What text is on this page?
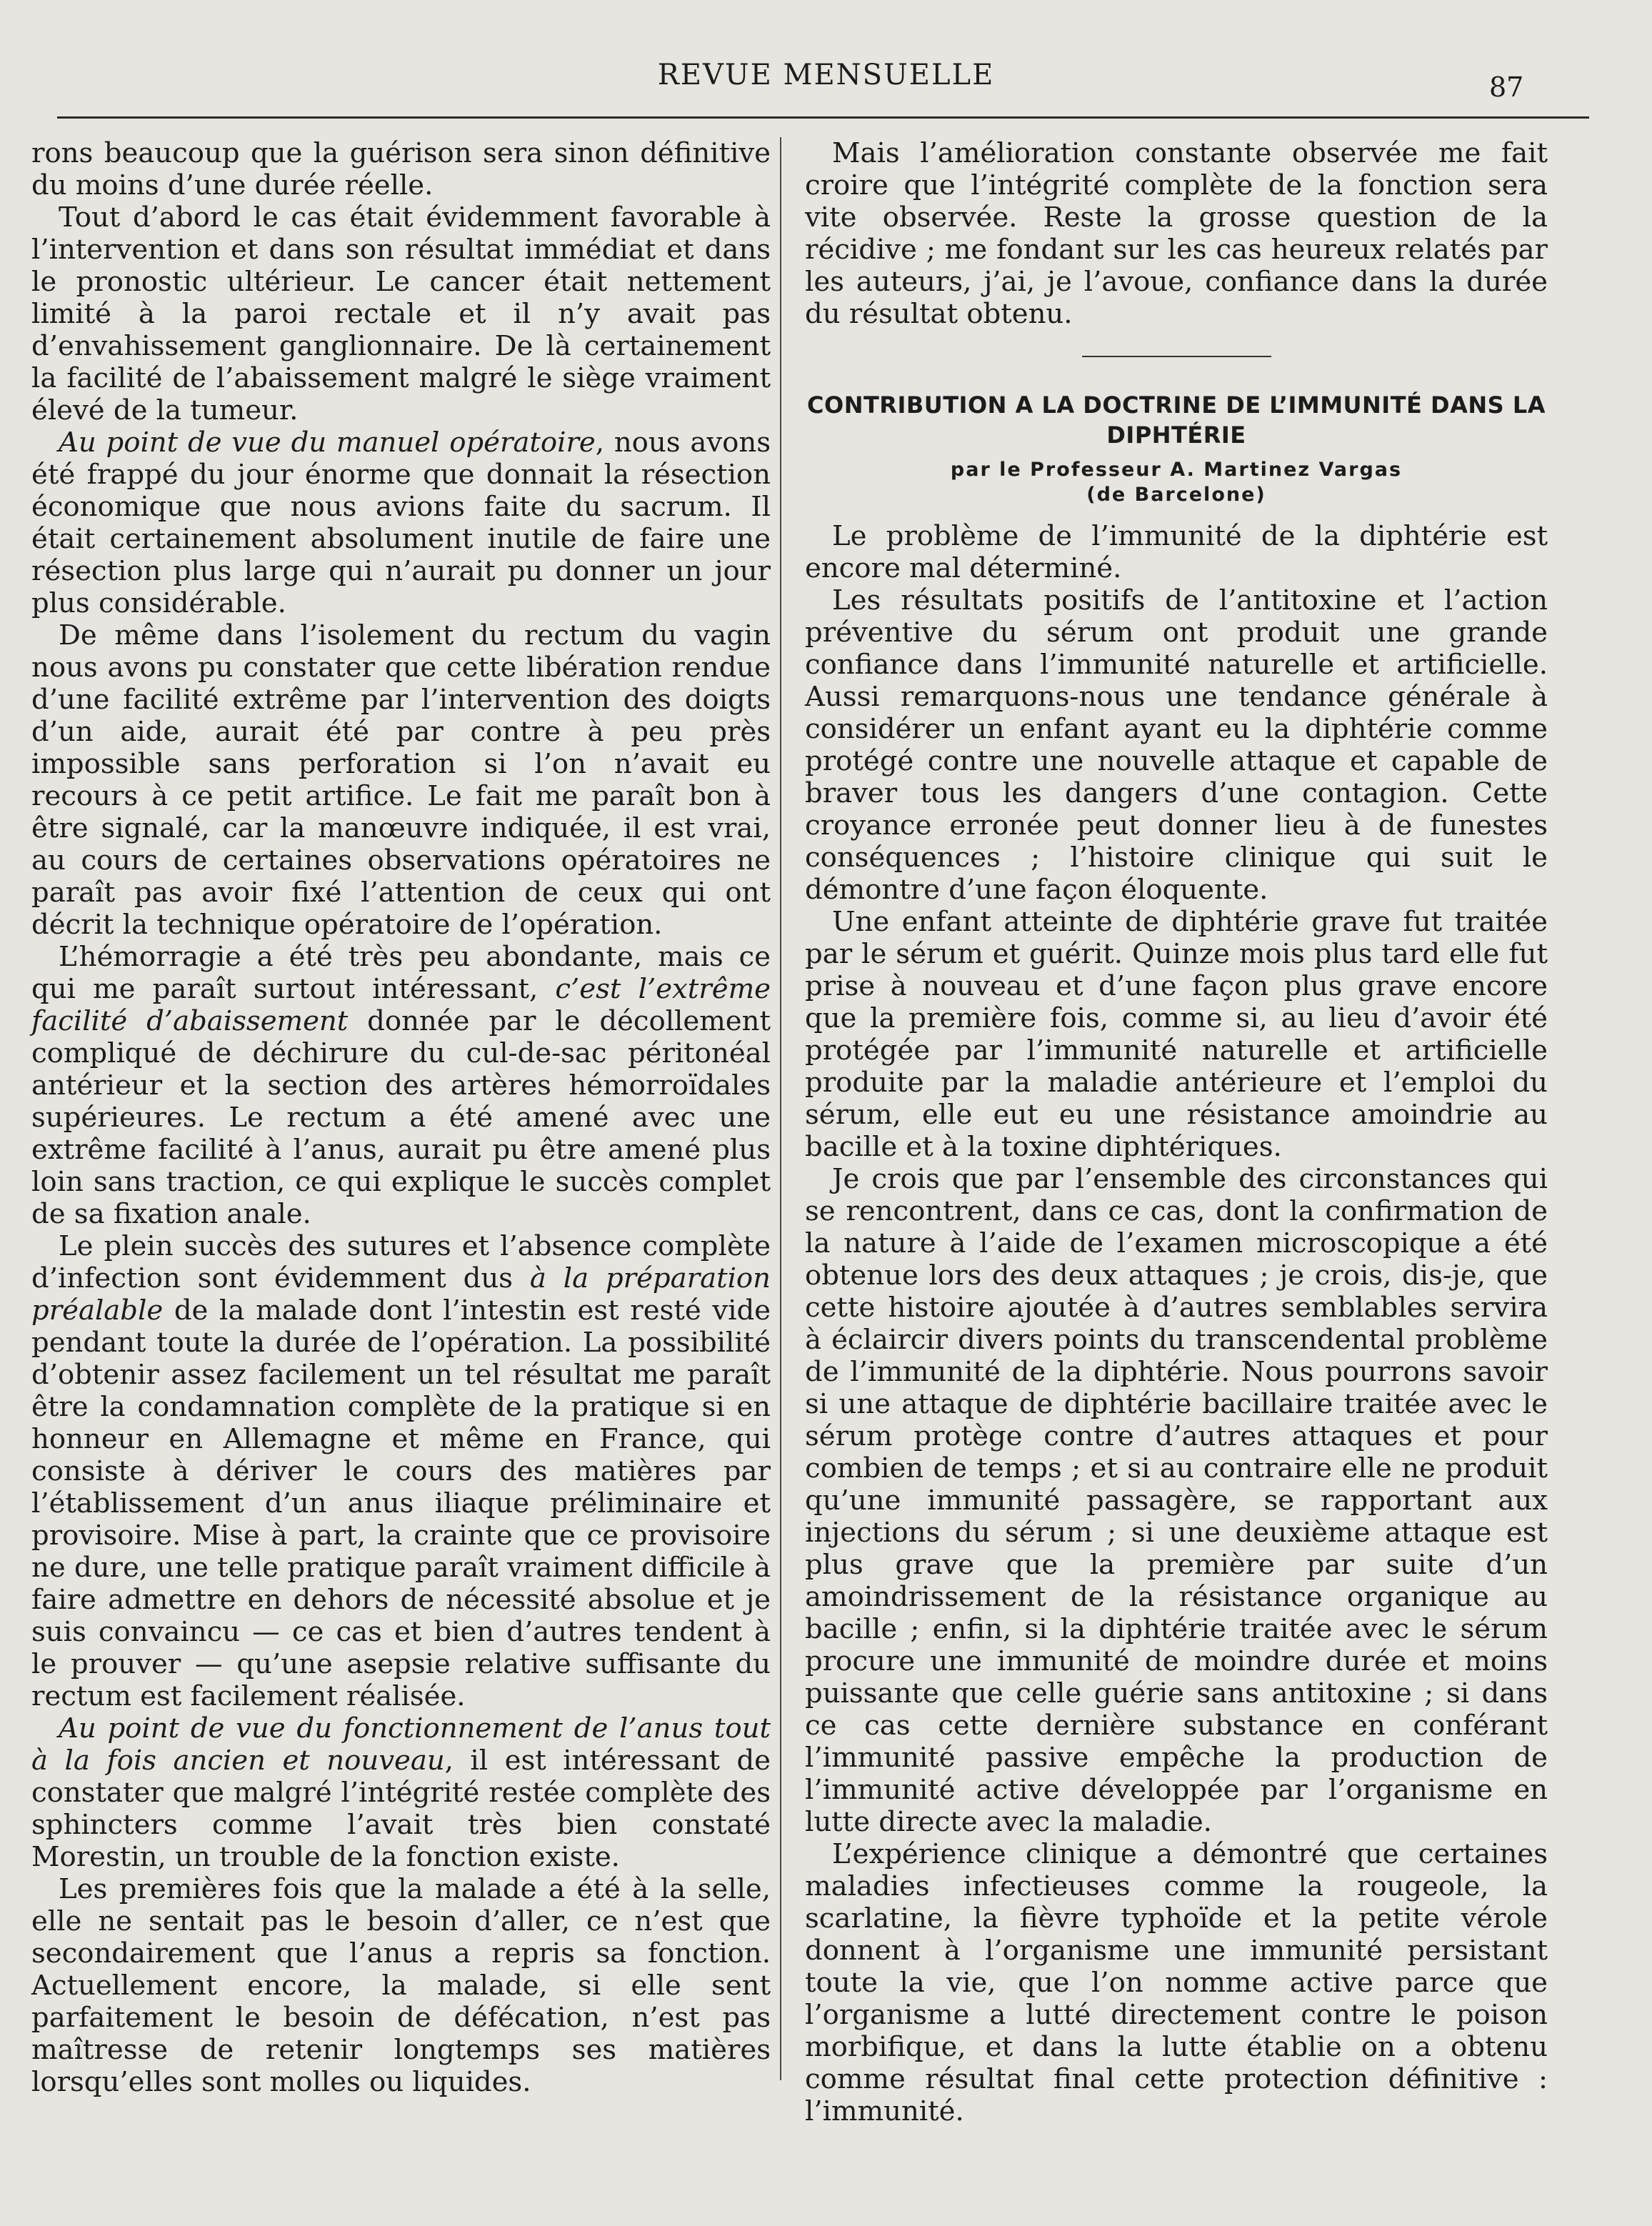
REVUE MENSUELLE	87

rons beaucoup que la guérison sera sinon définitive du moins d’une durée réelle.

Tout d’abord le cas était évidemment favorable à l’intervention et dans son résultat immédiat et dans le pronostic ultérieur. Le cancer était nettement limité à la paroi rectale et il n’y avait pas d’envahissement ganglionnaire. De là certainement la facilité de l’abaissement malgré le siège vraiment élevé de la tumeur.

Au point de vue du manuel opératoire, nous avons été frappé du jour énorme que donnait la résection économique que nous avions faite du sacrum. Il était certainement absolument inutile de faire une résection plus large qui n’aurait pu donner un jour plus considérable.

De même dans l’isolement du rectum du vagin nous avons pu constater que cette libération rendue d’une facilité extrême par l’intervention des doigts d’un aide, aurait été par contre à peu près impossible sans perforation si l’on n’avait eu recours à ce petit artifice. Le fait me paraît bon à être signalé, car la manœuvre indiquée, il est vrai, au cours de certaines observations opératoires ne paraît pas avoir fixé l’attention de ceux qui ont décrit la technique opératoire de l’opération.

L’hémorragie a été très peu abondante, mais ce qui me paraît surtout intéressant, c’est l’extrême facilité d’abaissement donnée par le décollement compliqué de déchirure du cul-de-sac péritonéal antérieur et la section des artères hémorroïdales supérieures. Le rectum a été amené avec une extrême facilité à l’anus, aurait pu être amené plus loin sans traction, ce qui explique le succès complet de sa fixation anale.

Le plein succès des sutures et l’absence complète d’infection sont évidemment dus à la préparation préalable de la malade dont l’intestin est resté vide pendant toute la durée de l’opération. La possibilité d’obtenir assez facilement un tel résultat me paraît être la condamnation complète de la pratique si en honneur en Allemagne et même en France, qui consiste à dériver le cours des matières par l’établissement d’un anus iliaque préliminaire et provisoire. Mise à part, la crainte que ce provisoire ne dure, une telle pratique paraît vraiment difficile à faire admettre en dehors de nécessité absolue et je suis convaincu — ce cas et bien d’autres tendent à le prouver — qu’une asepsie relative suffisante du rectum est facilement réalisée.

Au point de vue du fonctionnement de l’anus tout à la fois ancien et nouveau, il est intéressant de constater que malgré l’intégrité restée complète des sphincters comme l’avait très bien constaté Morestin, un trouble de la fonction existe.

Les premières fois que la malade a été à la selle, elle ne sentait pas le besoin d’aller, ce n’est que secondairement que l’anus a repris sa fonction. Actuellement encore, la malade, si elle sent parfaitement le besoin de défécation, n’est pas maîtresse de retenir longtemps ses matières lorsqu’elles sont molles ou liquides.

Mais l’amélioration constante observée me fait croire que l’intégrité complète de la fonction sera vite observée. Reste la grosse question de la récidive ; me fondant sur les cas heureux relatés par les auteurs, j’ai, je l’avoue, confiance dans la durée du résultat obtenu.

CONTRIBUTION A LA DOCTRINE DE L’IMMUNITÉ DANS LA DIPHTÉRIE
par le Professeur A. Martinez Vargas
(de Barcelone)

Le problème de l’immunité de la diphtérie est encore mal déterminé.

Les résultats positifs de l’antitoxine et l’action préventive du sérum ont produit une grande confiance dans l’immunité naturelle et artificielle. Aussi remarquons-nous une tendance générale à considérer un enfant ayant eu la diphtérie comme protégé contre une nouvelle attaque et capable de braver tous les dangers d’une contagion. Cette croyance erronée peut donner lieu à de funestes conséquences ; l’histoire clinique qui suit le démontre d’une façon éloquente.

Une enfant atteinte de diphtérie grave fut traitée par le sérum et guérit. Quinze mois plus tard elle fut prise à nouveau et d’une façon plus grave encore que la première fois, comme si, au lieu d’avoir été protégée par l’immunité naturelle et artificielle produite par la maladie antérieure et l’emploi du sérum, elle eut eu une résistance amoindrie au bacille et à la toxine diphtériques.

Je crois que par l’ensemble des circonstances qui se rencontrent, dans ce cas, dont la confirmation de la nature à l’aide de l’examen microscopique a été obtenue lors des deux attaques ; je crois, dis-je, que cette histoire ajoutée à d’autres semblables servira à éclaircir divers points du transcendental problème de l’immunité de la diphtérie. Nous pourrons savoir si une attaque de diphtérie bacillaire traitée avec le sérum protège contre d’autres attaques et pour combien de temps ; et si au contraire elle ne produit qu’une immunité passagère, se rapportant aux injections du sérum ; si une deuxième attaque est plus grave que la première par suite d’un amoindrissement de la résistance organique au bacille ; enfin, si la diphtérie traitée avec le sérum procure une immunité de moindre durée et moins puissante que celle guérie sans antitoxine ; si dans ce cas cette dernière substance en conférant l’immunité passive empêche la production de l’immunité active développée par l’organisme en lutte directe avec la maladie.

L’expérience clinique a démontré que certaines maladies infectieuses comme la rougeole, la scarlatine, la fièvre typhoïde et la petite vérole donnent à l’organisme une immunité persistant toute la vie, que l’on nomme active parce que l’organisme a lutté directement contre le poison morbifique, et dans la lutte établie on a obtenu comme résultat final cette protection définitive : l’immunité.
